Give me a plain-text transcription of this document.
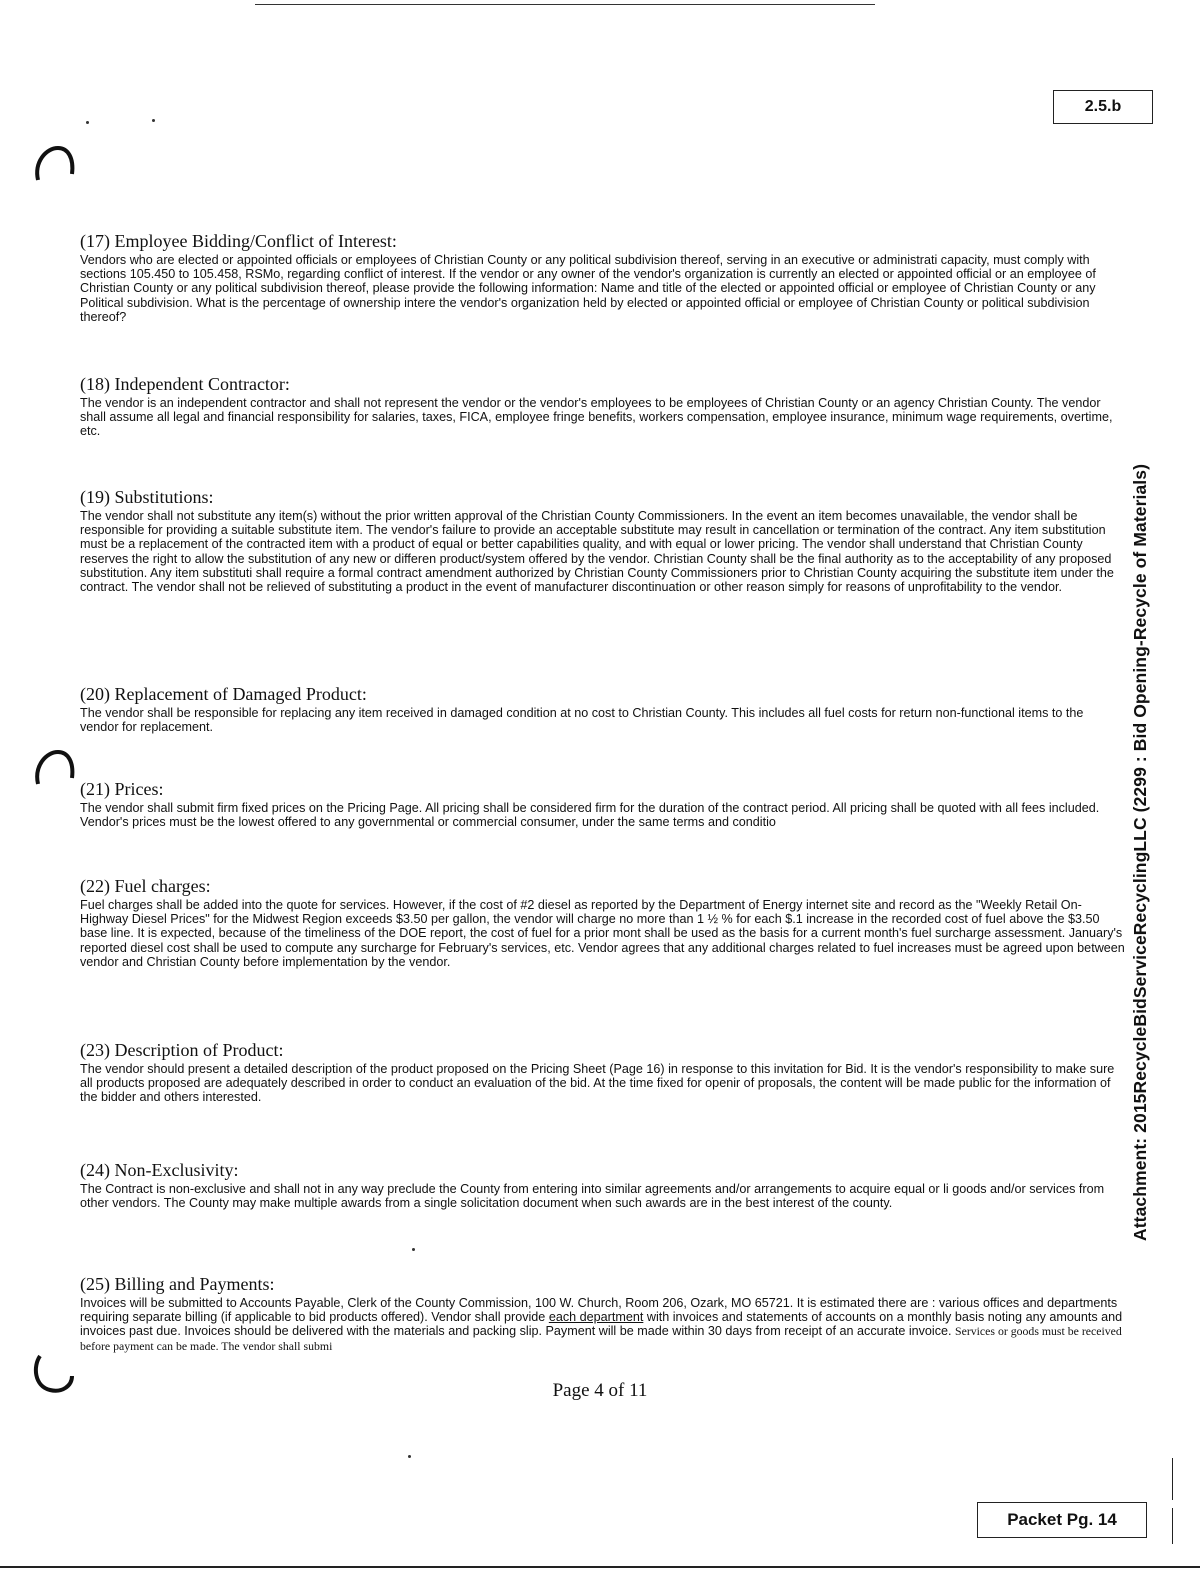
2.5.b
Attachment: 2015RecycleBidServiceRecyclingLLC (2299 : Bid Opening-Recycle of Materials)
(17) Employee Bidding/Conflict of Interest:

Vendors who are elected or appointed officials or employees of Christian County or any political subdivision thereof, serving in an executive or administrati capacity, must comply with sections 105.450 to 105.458, RSMo, regarding conflict of interest. If the vendor or any owner of the vendor's organization is currently an elected or appointed official or an employee of Christian County or any political subdivision thereof, please provide the following information: Name and title of the elected or appointed official or employee of Christian County or any Political subdivision. What is the percentage of ownership intere the vendor's organization held by elected or appointed official or employee of Christian County or political subdivision thereof?

(18) Independent Contractor:

The vendor is an independent contractor and shall not represent the vendor or the vendor's employees to be employees of Christian County or an agency Christian County. The vendor shall assume all legal and financial responsibility for salaries, taxes, FICA, employee fringe benefits, workers compensation, employee insurance, minimum wage requirements, overtime, etc.

(19) Substitutions:

The vendor shall not substitute any item(s) without the prior written approval of the Christian County Commissioners. In the event an item becomes unavailable, the vendor shall be responsible for providing a suitable substitute item. The vendor's failure to provide an acceptable substitute may result in cancellation or termination of the contract. Any item substitution must be a replacement of the contracted item with a product of equal or better capabilities quality, and with equal or lower pricing. The vendor shall understand that Christian County reserves the right to allow the substitution of any new or differen product/system offered by the vendor. Christian County shall be the final authority as to the acceptability of any proposed substitution. Any item substituti shall require a formal contract amendment authorized by Christian County Commissioners prior to Christian County acquiring the substitute item under the contract. The vendor shall not be relieved of substituting a product in the event of manufacturer discontinuation or other reason simply for reasons of unprofitability to the vendor.

(20) Replacement of Damaged Product:

The vendor shall be responsible for replacing any item received in damaged condition at no cost to Christian County. This includes all fuel costs for return non-functional items to the vendor for replacement.

(21) Prices:

The vendor shall submit firm fixed prices on the Pricing Page. All pricing shall be considered firm for the duration of the contract period. All pricing shall be quoted with all fees included. Vendor's prices must be the lowest offered to any governmental or commercial consumer, under the same terms and conditio

(22) Fuel charges:

Fuel charges shall be added into the quote for services. However, if the cost of #2 diesel as reported by the Department of Energy internet site and record as the "Weekly Retail On-Highway Diesel Prices" for the Midwest Region exceeds $3.50 per gallon, the vendor will charge no more than 1 ½ % for each $.1 increase in the recorded cost of fuel above the $3.50 base line. It is expected, because of the timeliness of the DOE report, the cost of fuel for a prior mont shall be used as the basis for a current month's fuel surcharge assessment. January's reported diesel cost shall be used to compute any surcharge for February's services, etc. Vendor agrees that any additional charges related to fuel increases must be agreed upon between vendor and Christian County before implementation by the vendor.

(23) Description of Product:

The vendor should present a detailed description of the product proposed on the Pricing Sheet (Page 16) in response to this invitation for Bid. It is the vendor's responsibility to make sure all products proposed are adequately described in order to conduct an evaluation of the bid. At the time fixed for openir of proposals, the content will be made public for the information of the bidder and others interested.

(24) Non-Exclusivity:

The Contract is non-exclusive and shall not in any way preclude the County from entering into similar agreements and/or arrangements to acquire equal or li goods and/or services from other vendors. The County may make multiple awards from a single solicitation document when such awards are in the best interest of the county.

(25) Billing and Payments:

Invoices will be submitted to Accounts Payable, Clerk of the County Commission, 100 W. Church, Room 206, Ozark, MO 65721. It is estimated there are : various offices and departments requiring separate billing (if applicable to bid products offered). Vendor shall provide each department with invoices and statements of accounts on a monthly basis noting any amounts and invoices past due. Invoices should be delivered with the materials and packing slip. Payment will be made within 30 days from receipt of an accurate invoice. Services or goods must be received before payment can be made. The vendor shall submi

Page 4 of 11
Packet Pg. 14
